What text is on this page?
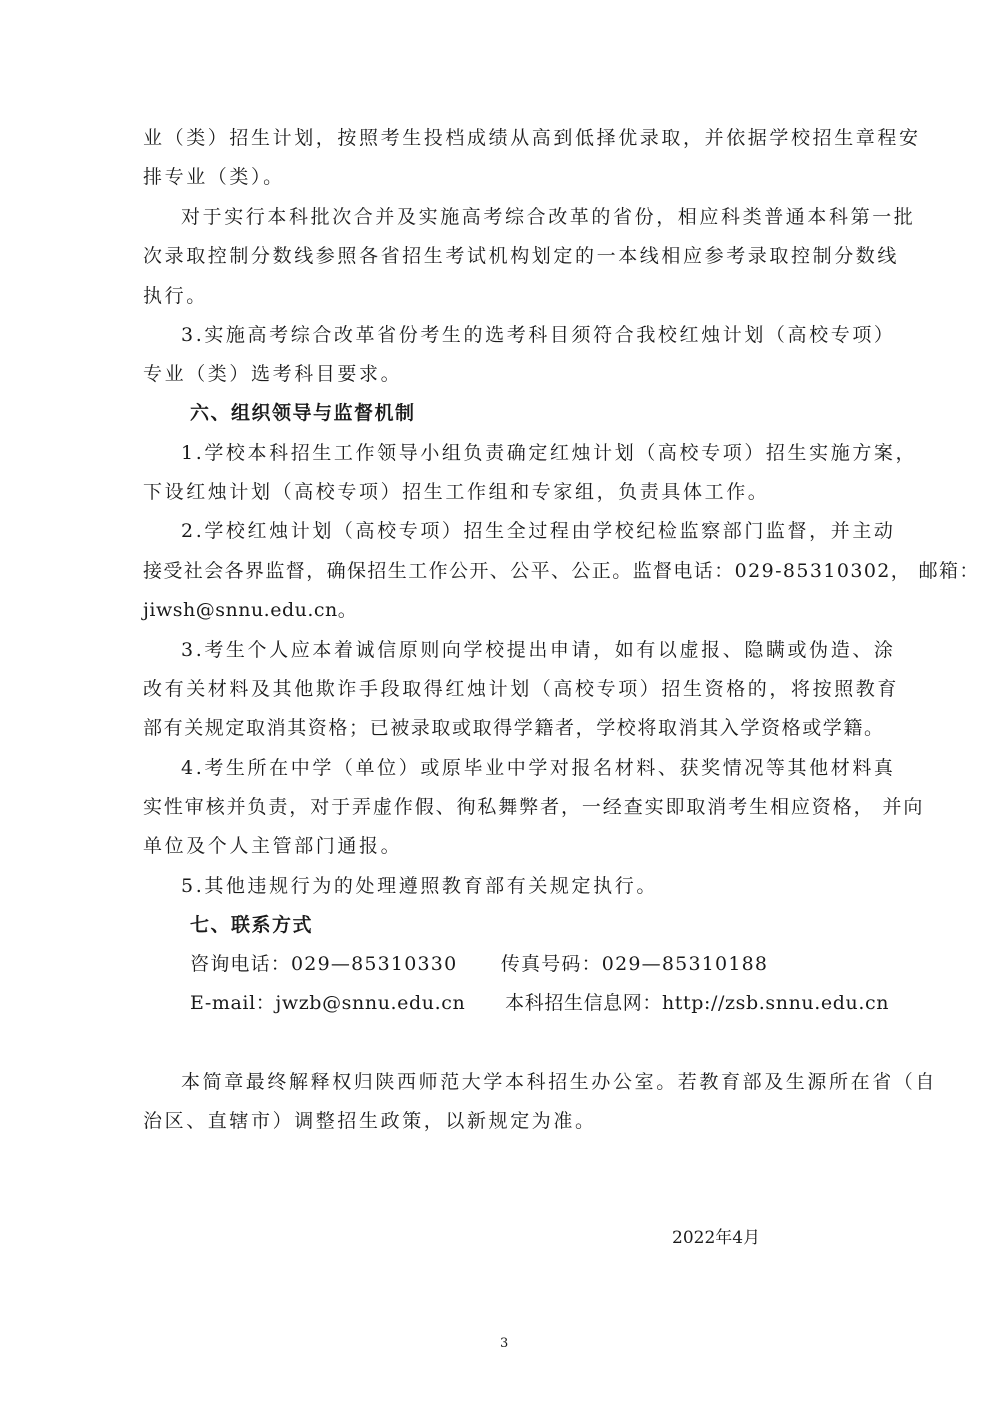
业（类）招生计划，按照考生投档成绩从高到低择优录取，并依据学校招生章程安
排专业（类）。
对于实行本科批次合并及实施高考综合改革的省份，相应科类普通本科第一批
次录取控制分数线参照各省招生考试机构划定的一本线相应参考录取控制分数线
执行。
3.实施高考综合改革省份考生的选考科目须符合我校红烛计划（高校专项）
专业（类）选考科目要求。
六、组织领导与监督机制
1.学校本科招生工作领导小组负责确定红烛计划（高校专项）招生实施方案，
下设红烛计划（高校专项）招生工作组和专家组，负责具体工作。
2.学校红烛计划（高校专项）招生全过程由学校纪检监察部门监督，并主动
接受社会各界监督，确保招生工作公开、公平、公正。监督电话：029-85310302， 邮箱：
jiwsh@snnu.edu.cn。
3.考生个人应本着诚信原则向学校提出申请，如有以虚报、隐瞒或伪造、涂
改有关材料及其他欺诈手段取得红烛计划（高校专项）招生资格的，将按照教育
部有关规定取消其资格；已被录取或取得学籍者，学校将取消其入学资格或学籍。
4.考生所在中学（单位）或原毕业中学对报名材料、获奖情况等其他材料真
实性审核并负责，对于弄虚作假、徇私舞弊者，一经查实即取消考生相应资格， 并向
单位及个人主管部门通报。
5.其他违规行为的处理遵照教育部有关规定执行。
七、联系方式
咨询电话：029—85310330      传真号码：029—85310188
E-mail：jwzb@snnu.edu.cn      本科招生信息网：http://zsb.snnu.edu.cn
本简章最终解释权归陕西师范大学本科招生办公室。若教育部及生源所在省（自
治区、直辖市）调整招生政策，以新规定为准。
2022年4月
3
